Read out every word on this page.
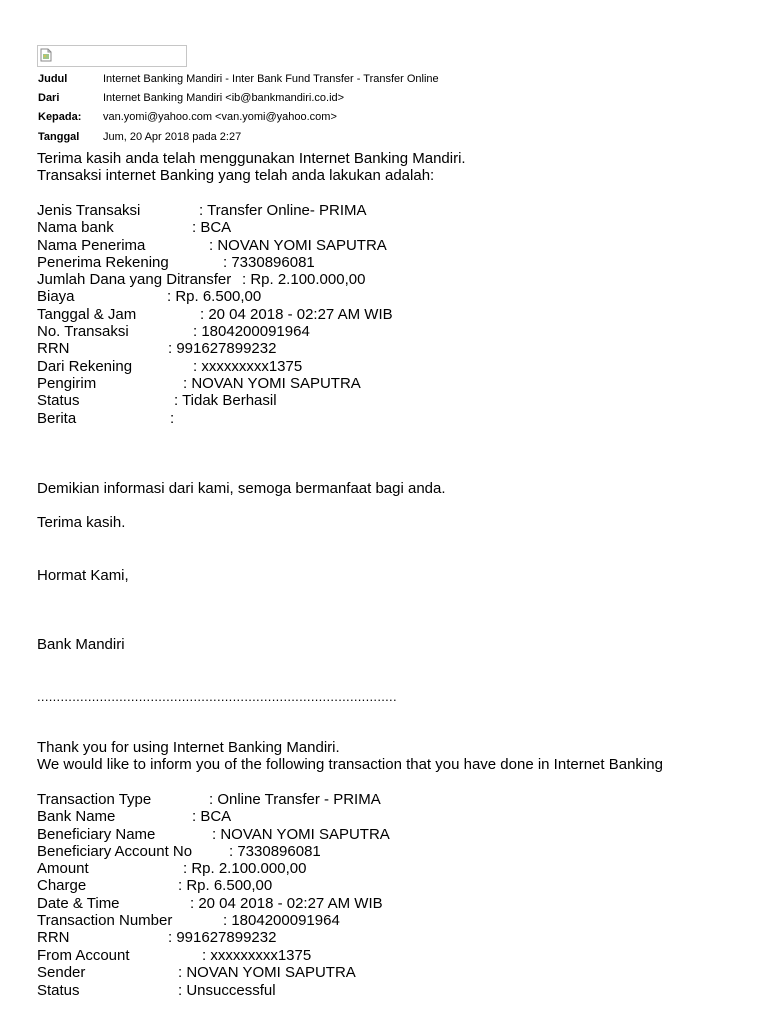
Judul	Internet Banking Mandiri - Inter Bank Fund Transfer - Transfer Online
Dari	Internet Banking Mandiri <ib@bankmandiri.co.id>
Kepada: van.yomi@yahoo.com <van.yomi@yahoo.com>
Tanggal Jum, 20 Apr 2018 pada 2:27
Terima kasih anda telah menggunakan Internet Banking Mandiri.
Transaksi internet Banking yang telah anda lakukan adalah:
Jenis Transaksi	: Transfer Online- PRIMA
Nama bank	: BCA
Nama Penerima	: NOVAN YOMI SAPUTRA
Penerima Rekening	: 7330896081
Jumlah Dana yang Ditransfer : Rp. 2.100.000,00
Biaya	: Rp. 6.500,00
Tanggal & Jam	: 20 04 2018 - 02:27 AM WIB
No. Transaksi	: 1804200091964
RRN	: 991627899232
Dari Rekening	: xxxxxxxxx1375
Pengirim	: NOVAN YOMI SAPUTRA
Status	: Tidak Berhasil
Berita	:
Demikian informasi dari kami, semoga bermanfaat bagi anda.
Terima kasih.
Hormat Kami,
Bank Mandiri
............................................................................................
Thank you for using Internet Banking Mandiri.
We would like to inform you of the following transaction that you have done in Internet Banking
Transaction Type	: Online Transfer - PRIMA
Bank Name	: BCA
Beneficiary Name	: NOVAN YOMI SAPUTRA
Beneficiary Account No : 7330896081
Amount	: Rp. 2.100.000,00
Charge	: Rp. 6.500,00
Date & Time	: 20 04 2018 - 02:27 AM WIB
Transaction Number	: 1804200091964
RRN	: 991627899232
From Account	: xxxxxxxxx1375
Sender	: NOVAN YOMI SAPUTRA
Status	: Unsuccessful
